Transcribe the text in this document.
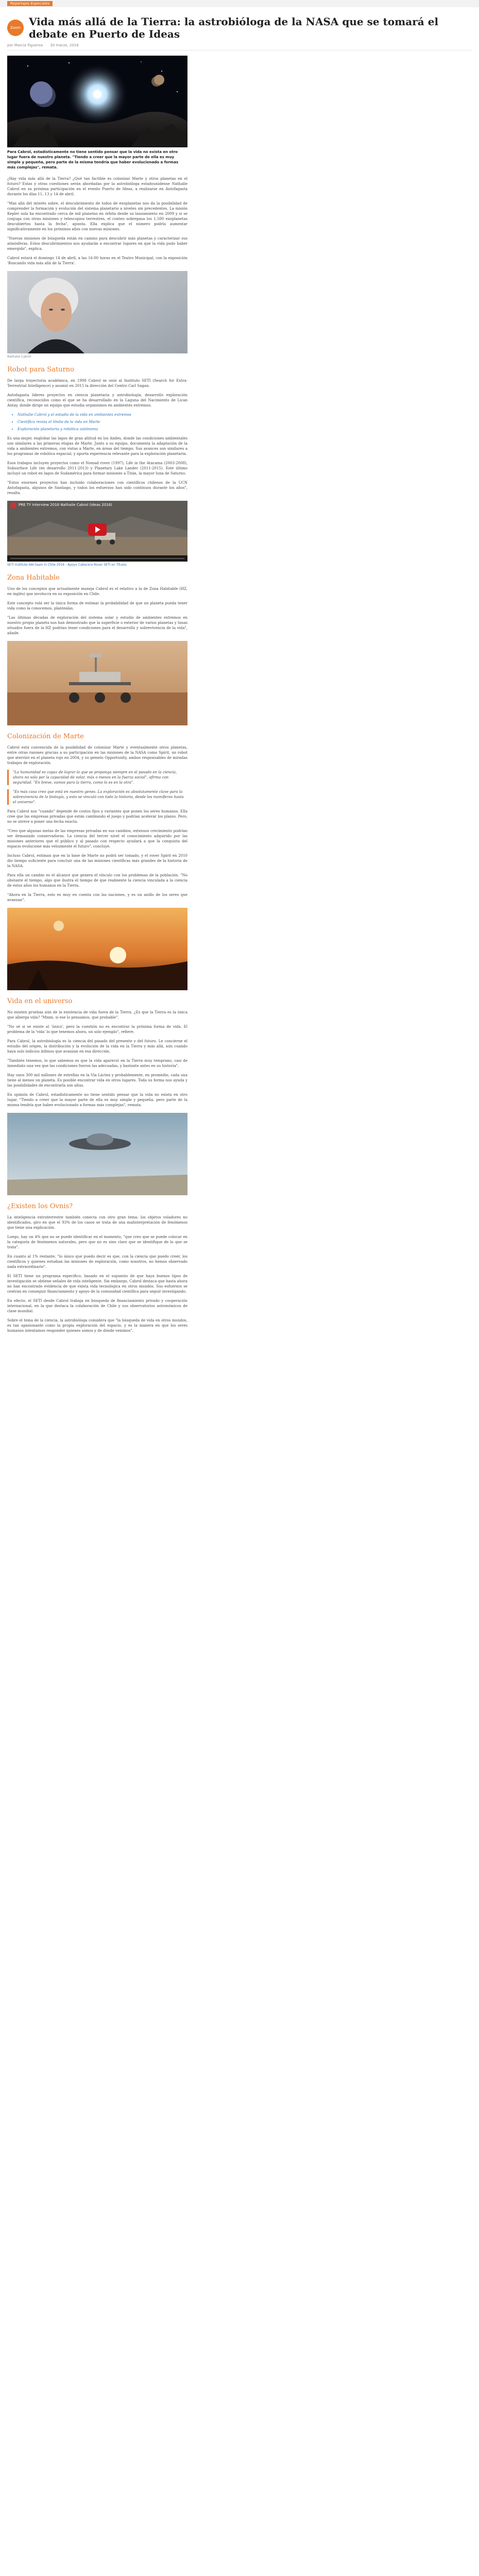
Reportajes Especiales
Zoom Vida más allá de la Tierra: la astrobióloga de la NASA que se tomará el debate en Puerto de Ideas
por Marcia Figueroa 30 marzo, 2016

Para Cabrol, estadísticamente no tiene sentido pensar que la vida no exista en otro lugar fuera de nuestro planeta. "Tiendo a creer que la mayor parte de ella es muy simple y pequeña, pero parte de la misma tendría que haber evolucionado a formas más complejas", remata.

¿Hay vida más allá de la Tierra? ¿Qué tan factible es colonizar Marte y otros planetas en el futuro? Estas y otras cuestiones serán abordadas por la astrobióloga estadounidense Nathalie Cabrol en su próxima participación en el evento Puerto de Ideas, a realizarse en Antofagasta durante los días 11, 13 y 14 de abril.

"Mas allá del interés sobre, el descubrimiento de todos de exoplanetas nos da la posibilidad de comprender la formación y evolución del sistema planetario a niveles sin precedentes. La misión Kepler sola ha encontrado cerca de mil planetas en órbita desde su lanzamiento en 2009 y si se conjuga con otras misiones y telescopios terrestres, el conteo sobrepasa los 1.500 exoplanetas descubiertos hasta la fecha", apunta. Ella explica que el número podría aumentar significativamente en los próximos años con nuevas misiones.

"Nuevas misiones de búsqueda están en camino para descubrir más planetas y caracterizar sus atmósferas. Estos descubrimientos nos ayudarán a encontrar lugares en que la vida pudo haber emergido", explica.

Cabrol estará el domingo 14 de abril, a las 16:00 horas en el Teatro Municipal, con la exposición 'Buscando vida más allá de la Tierra'.

Nathalie Cabrol
Robot para Saturno

De larga trayectoria académica, en 1998 Cabrol se unió al Instituto SETI (Search for Extra-Terrestrial Intelligence) y asumió en 2015 la dirección del Centro Carl Sagan.

Antofagasta lideres proyectos en ciencia planetaria y astrobiología, desarrollo exploración científica, reconocidos como el que se ha desarrollado en la Laguna del Nacimiento de Lican Antay, donde dirige un equipo que estudia organismos en ambientes extremos.

• Nathalie Cabrol y el estudio de la vida en ambientes extremos
• Científica revisa el límite de la vida en Marte
• Exploración planetaria y robótica autónoma

Es una mujer, englobar las lagos de gran altitud en los Andes, donde las condiciones ambientales son similares a las primeras etapas de Marte. Junto a su equipo, documenta la adaptación de la vida a ambientes extremos, con vistas a Marte, en áreas del tiempo. Sus avances son similares a los programas de robótica espacial, y aporta experiencia relevante para la exploración planetaria.

Esos trabajos incluyen proyectos como el Nomad rover (1997), Life in the Atacama (2003-2008), Subsurface Life (en desarrollo 2011-2013) y Planetary Lake Lander (2011-2015). Este último incluyó un robot en lagos de Sudamérica para formar misiones a Titán, la mayor luna de Saturno.

"Estos enormes proyectos han incluido colaboraciones con científicos chilenos de la UCN Antofagasta, algunos de Santiago, y todos los esfuerzos han sido continuos durante los años", resalta.

PRE TY Interview 2016 Nathalie Cabrol (Ideas 2016)
SETI Institute NAI team in Chile 2016 - Apoyo Cabecera Rover SETI en Títulos
Zona Habitable

Uno de los conceptos que actualmente maneja Cabrol es el relativo a la de Zona Habitable (HZ, en inglés) que involucra en su exposición en Chile.

Este concepto volá ser la única forma de estimar la probabilidad de que un planeta pueda tener vida como la conocemos, plantealas.

"Las últimas décadas de exploración del sistema solar y estudio de ambientes extremos en nuestro propio planeta nos han demostrado que la superficie o exterior de varios planetas y lunas situados fuera de la HZ podrían tener condiciones para el desarrollo y sobrevivencia de la vida", añade.

Colonización de Marte

Cabrol está convencida de la posibilidad de colonizar Marte y eventualmente otros planetas, entre otras razones gracias a su participación en las misiones de la NASA como Spirit, un robot que aterrizó en el planeta rojo en 2004, y su gemelo Opportunity, ambos responsables de miradas trabajos de exploración.

"La humanidad es capaz de lograr lo que se proponga siempre en el pasado en la ciencia, ahora no solo por la capacidad de volar, más o menos en la fuerza social", afirma con seguridad. "En breve, vamos para la tierra, como lo es en la otra".
"Es más casa creo que está en nuestro genes. La exploración es absolutamente clave para la sobrevivencia de la biología, y esto se vinculó con todo la historia, desde los mamíferos hasta el universo".

Para Cabrol nos "cuando" depende de costos fijos y variantes que ponen los seres humanos. Ella cree que las empresas privadas que están cambiando el juego y podrían acelerar los plazos. Pero, no se atreve a poner una fecha exacta.

"Creo que algunas metas de las empresas privadas en sus cambios, extensos crecimiento podrían ser demasiado conservadoras. La ciencia del tercer nivel el conocimiento adquirido por las misiones anteriores que el público y al pasado con respecto ayudará a que la conquista del espacio evolucione más velozmente el futuro", concluye.

Incluso Cabrol, estiman que en la base de Marte no podrá ser tomado, y el rover Spirit en 2010 dio tiempo suficiente para concluir una de las misiones científicas más grandes de la historia de la NASA.

Para ella un cambio es el alcance que genera el vínculo con los problemas de la población. "No obstante el tiempo, algo que ilustra el tiempo de que realmente la ciencia vinculada a la ciencia de estos años los humanos en la Tierra.

"Ahora en la Tierra, esto es muy en cuenta con las naciones, y es un anillo de los seres que avanzan".

Vida en el universo

No existen pruebas aún de la existencia de vida fuera de la Tierra. ¿Es que la Tierra es la única que alberga vida? "Mmm, si ese lo pensamos, que probable".

"No sé si se existe al 'único', pero la cuestión no es encontrar la próxima forma de vida. El problema de la 'vida' lo que tenemos ahora, un solo ejemplo", refiere.

Para Cabrol, la astrobiología es la ciencia del pasado del presente y del futuro. Le concierne el estudio del origen, la distribución y la evolución de la vida en la Tierra y más allá, aún cuando haya solo indicios ínfimos que avanzan en esa dirección.

"También tenemos, lo que sabemos es que la vida apareció en la Tierra muy temprano, casi de inmediato una vez que las condiciones fueron las adecuadas, y bastante antes en su historia".

Hay unos 300 mil millones de estrellas en la Vía Láctea y probablemente, en promedio, cada una tiene al menos un planeta. Es posible encontrar vida en otros lugares. Toda su forma nos ayuda y las posibilidades de encontrarla son altas.

En opinión de Cabrol, estadísticamente no tiene sentido pensar que la vida no exista en otro lugar. "Tiendo a creer que la mayor parte de ella es muy simple y pequeña, pero parte de la misma tendría que haber evolucionado a formas más complejas", remata.

¿Existen los Ovnis?

La inteligencia extraterrestre también conecta con otro gran tema: los objetos voladores no identificados, giro en que el 93% de los casos se trata de una malinterpretación de fenómenos que tiene una explicación.

Luego, hay un 4% que no se puede identificar en el momento, "que creo que se puede colocar en la categoría de fenómenos naturales, pero que no es sino claro que se identifique de lo que se trata".

En cuanto al 1% restante, "lo único que puedo decir es que, con la ciencia que puedo creer, los científicos y quienes estudian las misiones de exploración, como nosotros, no hemos observado nada extraordinario".

El SETI tiene un programa específico, basado en el supuesto de que haya buenos tipos de investigación se obtiene señales de vida inteligente. Sin embargo, Cabrol destaca que hasta ahora no han encontrado evidencia de que exista vida tecnológica en otros mundos. Sus esfuerzos se centran en conseguir financiamiento y apoyo de la comunidad científica para seguir investigando.

En efecto, el SETI desde Cabrol trabaja en búsqueda de financiamiento privado y cooperación internacional, en la que destaca la colaboración de Chile y sus observatorios astronómicos de clase mundial.

Sobre el tema de la ciencia, la astrobióloga considera que "la búsqueda de vida en otros mundos, es tan apasionante como la propia exploración del espacio, y es la manera en que los seres humanos intentamos responder quienes somos y de dónde venimos".
